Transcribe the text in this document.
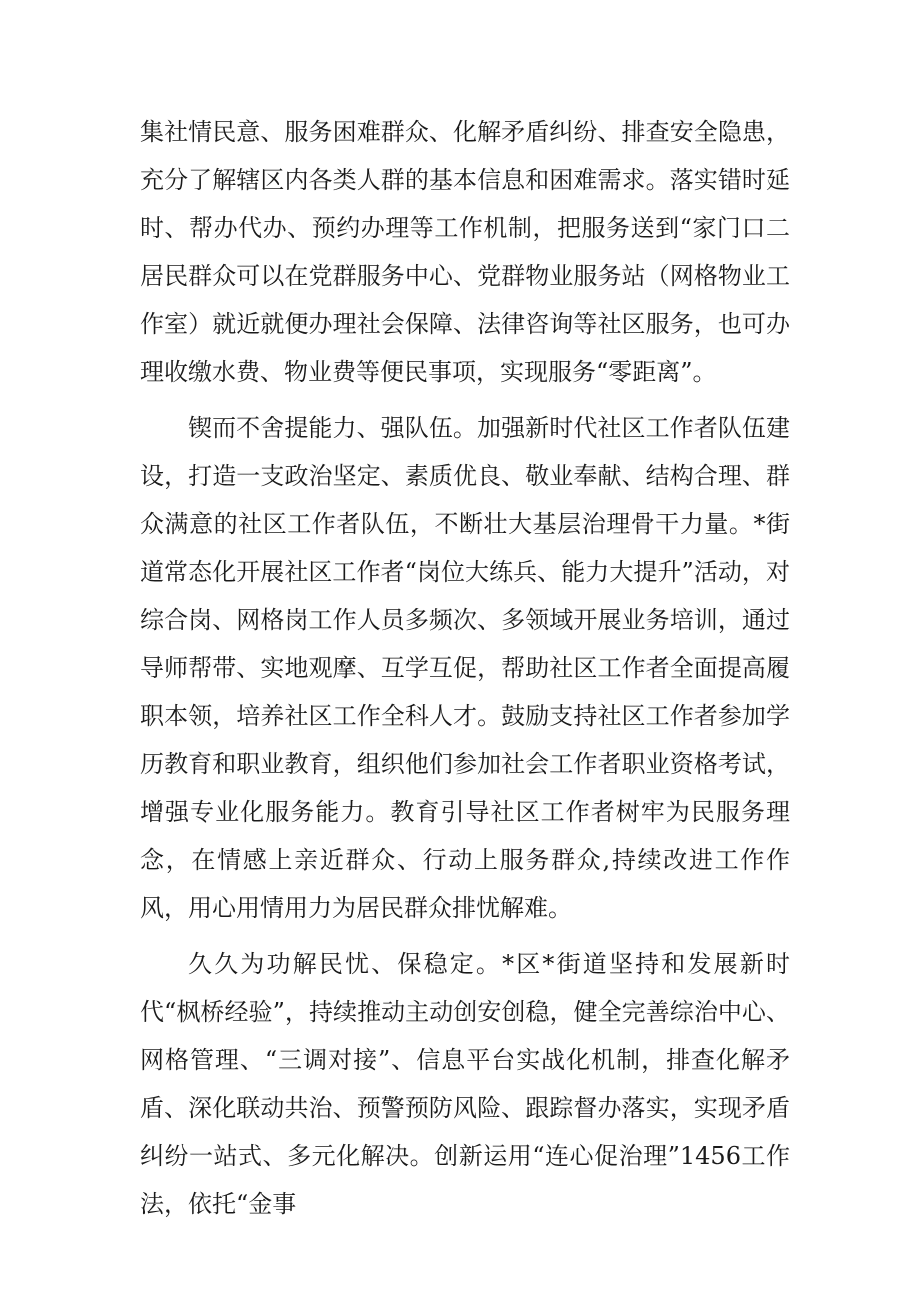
集社情民意、服务困难群众、化解矛盾纠纷、排查安全隐患，充分了解辖区内各类人群的基本信息和困难需求。落实错时延时、帮办代办、预约办理等工作机制，把服务送到“家门口二居民群众可以在党群服务中心、党群物业服务站（网格物业工作室）就近就便办理社会保障、法律咨询等社区服务，也可办理收缴水费、物业费等便民事项，实现服务“零距离”。

锲而不舍提能力、强队伍。加强新时代社区工作者队伍建设，打造一支政治坚定、素质优良、敬业奉献、结构合理、群众满意的社区工作者队伍，不断壮大基层治理骨干力量。*街道常态化开展社区工作者“岗位大练兵、能力大提升”活动，对综合岗、网格岗工作人员多频次、多领域开展业务培训，通过导师帮带、实地观摩、互学互促，帮助社区工作者全面提高履职本领，培养社区工作全科人才。鼓励支持社区工作者参加学历教育和职业教育，组织他们参加社会工作者职业资格考试，增强专业化服务能力。教育引导社区工作者树牢为民服务理念，在情感上亲近群众、行动上服务群众,持续改进工作作风，用心用情用力为居民群众排忧解难。

久久为功解民忧、保稳定。*区*街道坚持和发展新时代“枫桥经验”，持续推动主动创安创稳，健全完善综治中心、网格管理、“三调对接”、信息平台实战化机制，排查化解矛盾、深化联动共治、预警预防风险、跟踪督办落实，实现矛盾纠纷一站式、多元化解决。创新运用“连心促治理”1456工作法，依托“金事
